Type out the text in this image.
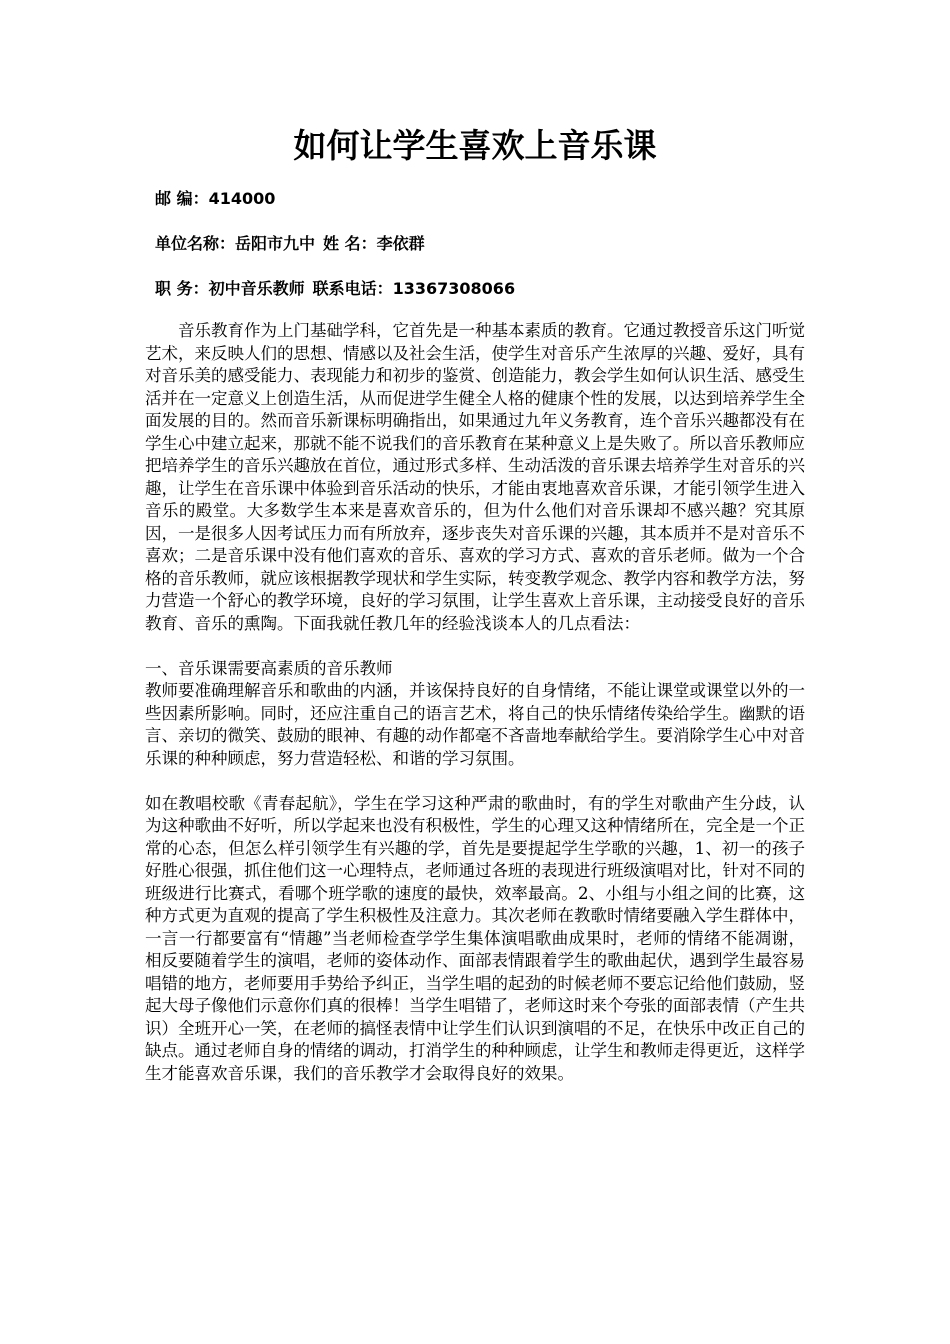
如何让学生喜欢上音乐课
邮 编：414000
单位名称：岳阳市九中 姓 名：李依群
职 务：初中音乐教师 联系电话：13367308066

音乐教育作为上门基础学科，它首先是一种基本素质的教育。它通过教授音乐这门听觉艺术，来反映人们的思想、情感以及社会生活，使学生对音乐产生浓厚的兴趣、爱好，具有对音乐美的感受能力、表现能力和初步的鉴赏、创造能力，教会学生如何认识生活、感受生活并在一定意义上创造生活，从而促进学生健全人格的健康个性的发展，以达到培养学生全面发展的目的。然而音乐新课标明确指出，如果通过九年义务教育，连个音乐兴趣都没有在学生心中建立起来，那就不能不说我们的音乐教育在某种意义上是失败了。所以音乐教师应把培养学生的音乐兴趣放在首位，通过形式多样、生动活泼的音乐课去培养学生对音乐的兴趣，让学生在音乐课中体验到音乐活动的快乐，才能由衷地喜欢音乐课，才能引领学生进入音乐的殿堂。大多数学生本来是喜欢音乐的，但为什么他们对音乐课却不感兴趣？究其原因，一是很多人因考试压力而有所放弃，逐步丧失对音乐课的兴趣，其本质并不是对音乐不喜欢；二是音乐课中没有他们喜欢的音乐、喜欢的学习方式、喜欢的音乐老师。做为一个合格的音乐教师，就应该根据教学现状和学生实际，转变教学观念、教学内容和教学方法，努力营造一个舒心的教学环境，良好的学习氛围，让学生喜欢上音乐课，主动接受良好的音乐教育、音乐的熏陶。下面我就任教几年的经验浅谈本人的几点看法：

一、音乐课需要高素质的音乐教师

教师要准确理解音乐和歌曲的内涵，并该保持良好的自身情绪，不能让课堂或课堂以外的一些因素所影响。同时，还应注重自己的语言艺术，将自己的快乐情绪传染给学生。幽默的语言、亲切的微笑、鼓励的眼神、有趣的动作都毫不吝啬地奉献给学生。要消除学生心中对音乐课的种种顾虑，努力营造轻松、和谐的学习氛围。

如在教唱校歌《青春起航》，学生在学习这种严肃的歌曲时，有的学生对歌曲产生分歧，认为这种歌曲不好听，所以学起来也没有积极性，学生的心理又这种情绪所在，完全是一个正常的心态，但怎么样引领学生有兴趣的学，首先是要提起学生学歌的兴趣，1、初一的孩子好胜心很强，抓住他们这一心理特点，老师通过各班的表现进行班级演唱对比，针对不同的班级进行比赛式，看哪个班学歌的速度的最快，效率最高。2、小组与小组之间的比赛，这种方式更为直观的提高了学生积极性及注意力。其次老师在教歌时情绪要融入学生群体中，一言一行都要富有“情趣”当老师检查学学生集体演唱歌曲成果时，老师的情绪不能凋谢，相反要随着学生的演唱，老师的姿体动作、面部表情跟着学生的歌曲起伏，遇到学生最容易唱错的地方，老师要用手势给予纠正，当学生唱的起劲的时候老师不要忘记给他们鼓励，竖起大母子像他们示意你们真的很棒！当学生唱错了，老师这时来个夸张的面部表情（产生共识）全班开心一笑，在老师的搞怪表情中让学生们认识到演唱的不足，在快乐中改正自己的缺点。通过老师自身的情绪的调动，打消学生的种种顾虑，让学生和教师走得更近，这样学生才能喜欢音乐课，我们的音乐教学才会取得良好的效果。
